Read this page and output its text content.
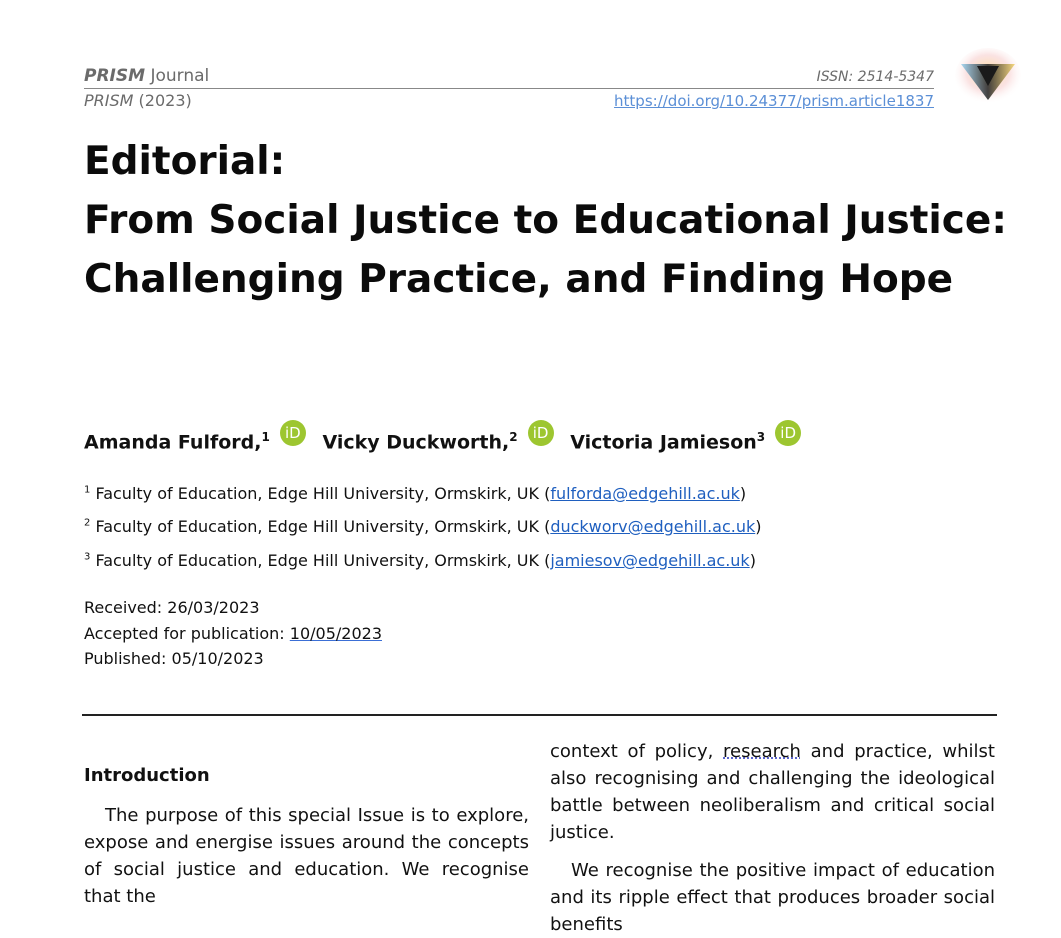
PRISM Journal
PRISM (2023)
ISSN: 2514-5347
https://doi.org/10.24377/prism.article1837
Editorial:
From Social Justice to Educational Justice:
Challenging Practice, and Finding Hope
Amanda Fulford,$^1$ iD Vicky Duckworth,$^2$ iD Victoria Jamieson$^3$ iD
$^1$ Faculty of Education, Edge Hill University, Ormskirk, UK (fulforda@edgehill.ac.uk)
$^2$ Faculty of Education, Edge Hill University, Ormskirk, UK (duckworv@edgehill.ac.uk)
$^3$ Faculty of Education, Edge Hill University, Ormskirk, UK (jamiesov@edgehill.ac.uk)
Received: 26/03/2023
Accepted for publication: 10/05/2023
Published: 05/10/2023
Introduction

The purpose of this special Issue is to explore, expose and energise issues around the concepts of social justice and education. We recognise that the

context of policy, research and practice, whilst also recognising and challenging the ideological battle between neoliberalism and critical social justice.

We recognise the positive impact of education and its ripple effect that produces broader social benefits
